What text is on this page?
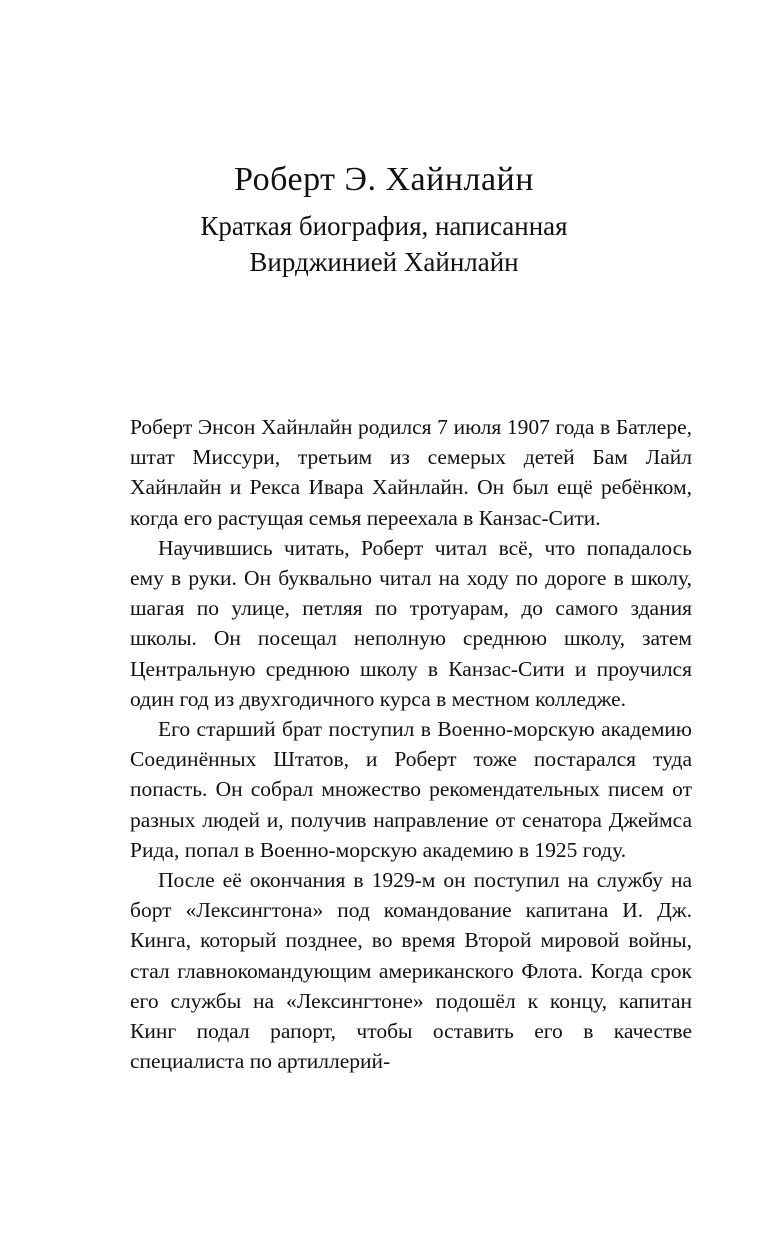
Роберт Э. Хайнлайн
Краткая биография, написанная
Вирджинией Хайнлайн

Роберт Энсон Хайнлайн родился 7 июля 1907 года в Батлере, штат Миссури, третьим из семерых детей Бам Лайл Хайнлайн и Рекса Ивара Хайнлайн. Он был ещё ребёнком, когда его растущая семья переехала в Канзас-Сити.

Научившись читать, Роберт читал всё, что попадалось ему в руки. Он буквально читал на ходу по дороге в школу, шагая по улице, петляя по тротуарам, до самого здания школы. Он посещал неполную среднюю школу, затем Центральную среднюю школу в Канзас-Сити и проучился один год из двухгодичного курса в местном колледже.

Его старший брат поступил в Военно-морскую академию Соединённых Штатов, и Роберт тоже постарался туда попасть. Он собрал множество рекомендательных писем от разных людей и, получив направление от сенатора Джеймса Рида, попал в Военно-морскую академию в 1925 году.

После её окончания в 1929-м он поступил на службу на борт «Лексингтона» под командование капитана И. Дж. Кинга, который позднее, во время Второй мировой войны, стал главнокомандующим американского Флота. Когда срок его службы на «Лексингтоне» подошёл к концу, капитан Кинг подал рапорт, чтобы оставить его в качестве специалиста по артиллерий-
